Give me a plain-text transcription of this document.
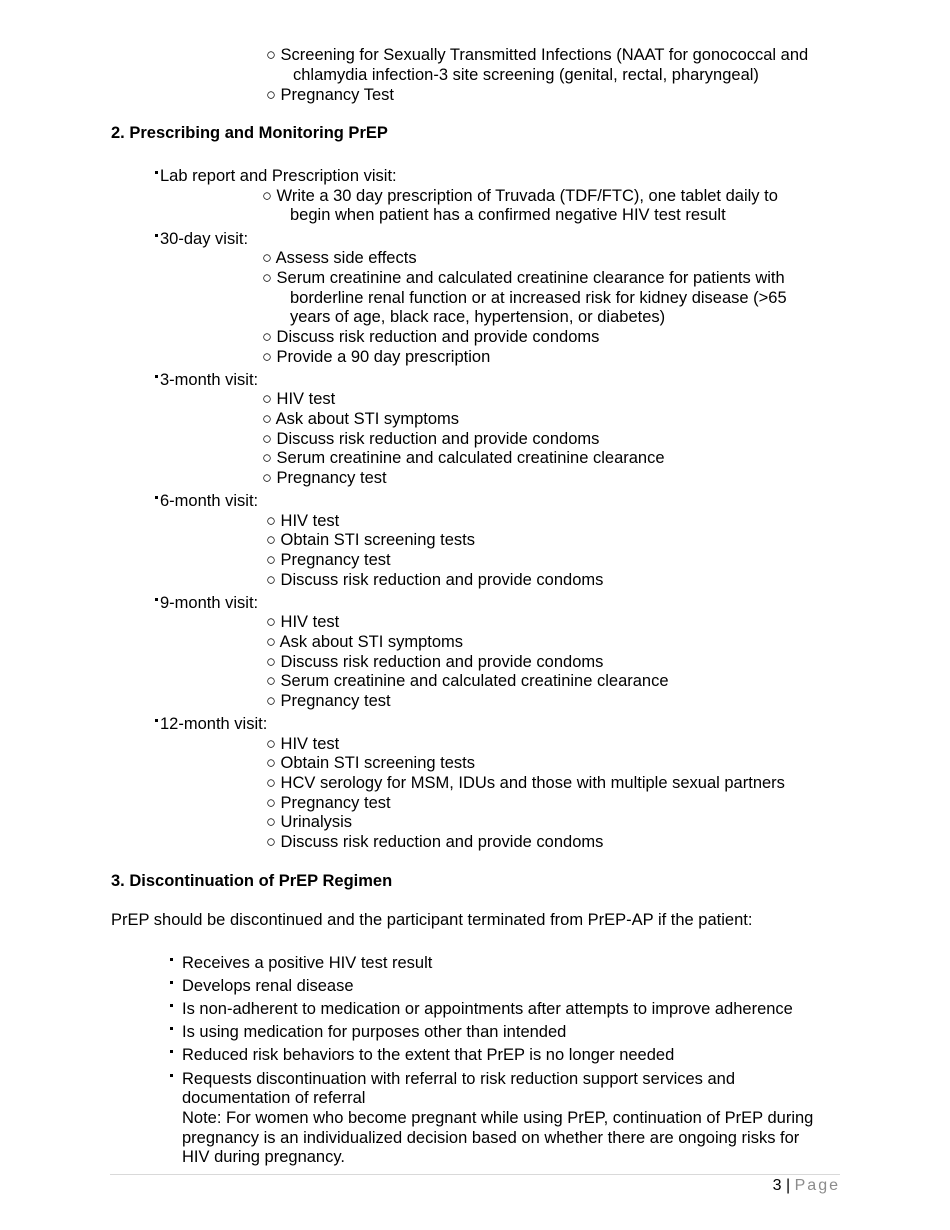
○ Screening for Sexually Transmitted Infections (NAAT for gonococcal and
chlamydia infection-3 site screening (genital, rectal, pharyngeal)
○ Pregnancy Test
2. Prescribing and Monitoring PrEP
Lab report and Prescription visit:
○ Write a 30 day prescription of Truvada (TDF/FTC), one tablet daily to
begin when patient has a confirmed negative HIV test result
30-day visit:
○ Assess side effects
○ Serum creatinine and calculated creatinine clearance for patients with
borderline renal function or at increased risk for kidney disease (>65
years of age, black race, hypertension, or diabetes)
○ Discuss risk reduction and provide condoms
○ Provide a 90 day prescription
3-month visit:
○ HIV test
○ Ask about STI symptoms
○ Discuss risk reduction and provide condoms
○ Serum creatinine and calculated creatinine clearance
○ Pregnancy test
6-month visit:
○ HIV test
○ Obtain STI screening tests
○ Pregnancy test
○ Discuss risk reduction and provide condoms
9-month visit:
○ HIV test
○ Ask about STI symptoms
○ Discuss risk reduction and provide condoms
○ Serum creatinine and calculated creatinine clearance
○ Pregnancy test
12-month visit:
○ HIV test
○ Obtain STI screening tests
○ HCV serology for MSM, IDUs and those with multiple sexual partners
○ Pregnancy test
○ Urinalysis
○ Discuss risk reduction and provide condoms
3. Discontinuation of PrEP Regimen
PrEP should be discontinued and the participant terminated from PrEP-AP if the patient:
Receives a positive HIV test result
Develops renal disease
Is non-adherent to medication or appointments after attempts to improve adherence
Is using medication for purposes other than intended
Reduced risk behaviors to the extent that PrEP is no longer needed
Requests discontinuation with referral to risk reduction support services and
documentation of referral
Note: For women who become pregnant while using PrEP, continuation of PrEP during
pregnancy is an individualized decision based on whether there are ongoing risks for
HIV during pregnancy.
3 | Page
